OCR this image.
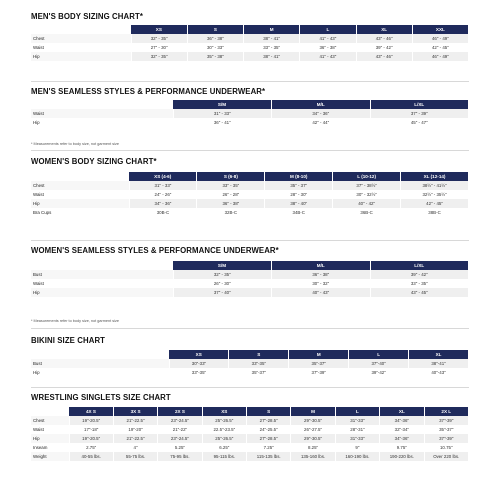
MEN'S BODY SIZING CHART*
	XS	S	M	L	XL	XXL
Chest	32" - 35"	36" - 38"	38" - 41"	41" - 43"	43" - 46"	46" - 49"
Waist	27" - 30"	30" - 33"	33" - 35"	36" - 38"	39" - 42"	42" - 45"
Hip	32" - 35"	35" - 38"	38" - 41"	41" - 43"	43" - 46"	46" - 49"
MEN'S SEAMLESS STYLES & PERFORMANCE UNDERWEAR*
	S/M	M/L	L/XL
Waist	31" - 33"	34" - 36"	37" - 39"
Hip	36" - 41"	42" - 44"	45" - 47"
* Measurements refer to body size, not garment size
WOMEN'S BODY SIZING CHART*
	XS (4-6)	S (6-8)	M (8-10)	L (10-12)	XL (12-14)
Chest	31" - 33"	33" - 35"	35" - 37"	37" - 38½"	38½" - 41½"
Waist	24" - 26"	26" - 28"	28" - 30"	30" - 32½"	32½" - 35½"
Hip	34" - 36"	36" - 38"	38" - 40"	40" - 42"	42" - 45"
Bra Cups	30B-C	32B-C	34B-C	36B-C	38B-C
WOMEN'S SEAMLESS STYLES & PERFORMANCE UNDERWEAR*
	S/M	M/L	L/XL
Bust	32" - 35"	36" - 38"	39" - 42"
Waist	26" - 30"	30" - 32"	33" - 35"
Hip	37" - 40"	40" - 43"	43" - 45"
* Measurements refer to body size, not garment size
BIKINI SIZE CHART
	XS	S	M	L	XL
Bust	30"-33"	33"-35"	35"-37"	37"-40"	38"-41"
Hip	33"-35"	35"-37"	37"-39"	39"-42"	40"-43"
WRESTLING SINGLETS SIZE CHART
	4X S	3X S	2X S	XS	S	M	L	XL	2X L
Chest	19"-20.5"	21"-22.5"	23"-24.5"	25"-26.5"	27"-28.5"	29"-30.5"	31"-33"	34"-36"	37"-39"
Waist	17"-18"	19"-20"	21"-22"	22.5"-23.5"	24"-25.5"	26"-27.5"	28"-31"	32"-34"	35"-37"
Hip	19"-20.5"	21"-22.5"	23"-24.5"	25"-26.5"	27"-28.5"	29"-30.5"	31"-33"	34"-36"	37"-39"
Inseam	2.75"	4"	5.25"	6.25"	7.25"	8.25"	9"	9.75"	10.75"
Weight	40-55 lbs.	55-75 lbs.	75-95 lbs.	95-115 lbs.	115-135 lbs.	135-160 lbs.	160-190 lbs.	190-220 lbs.	Over 220 lbs.
